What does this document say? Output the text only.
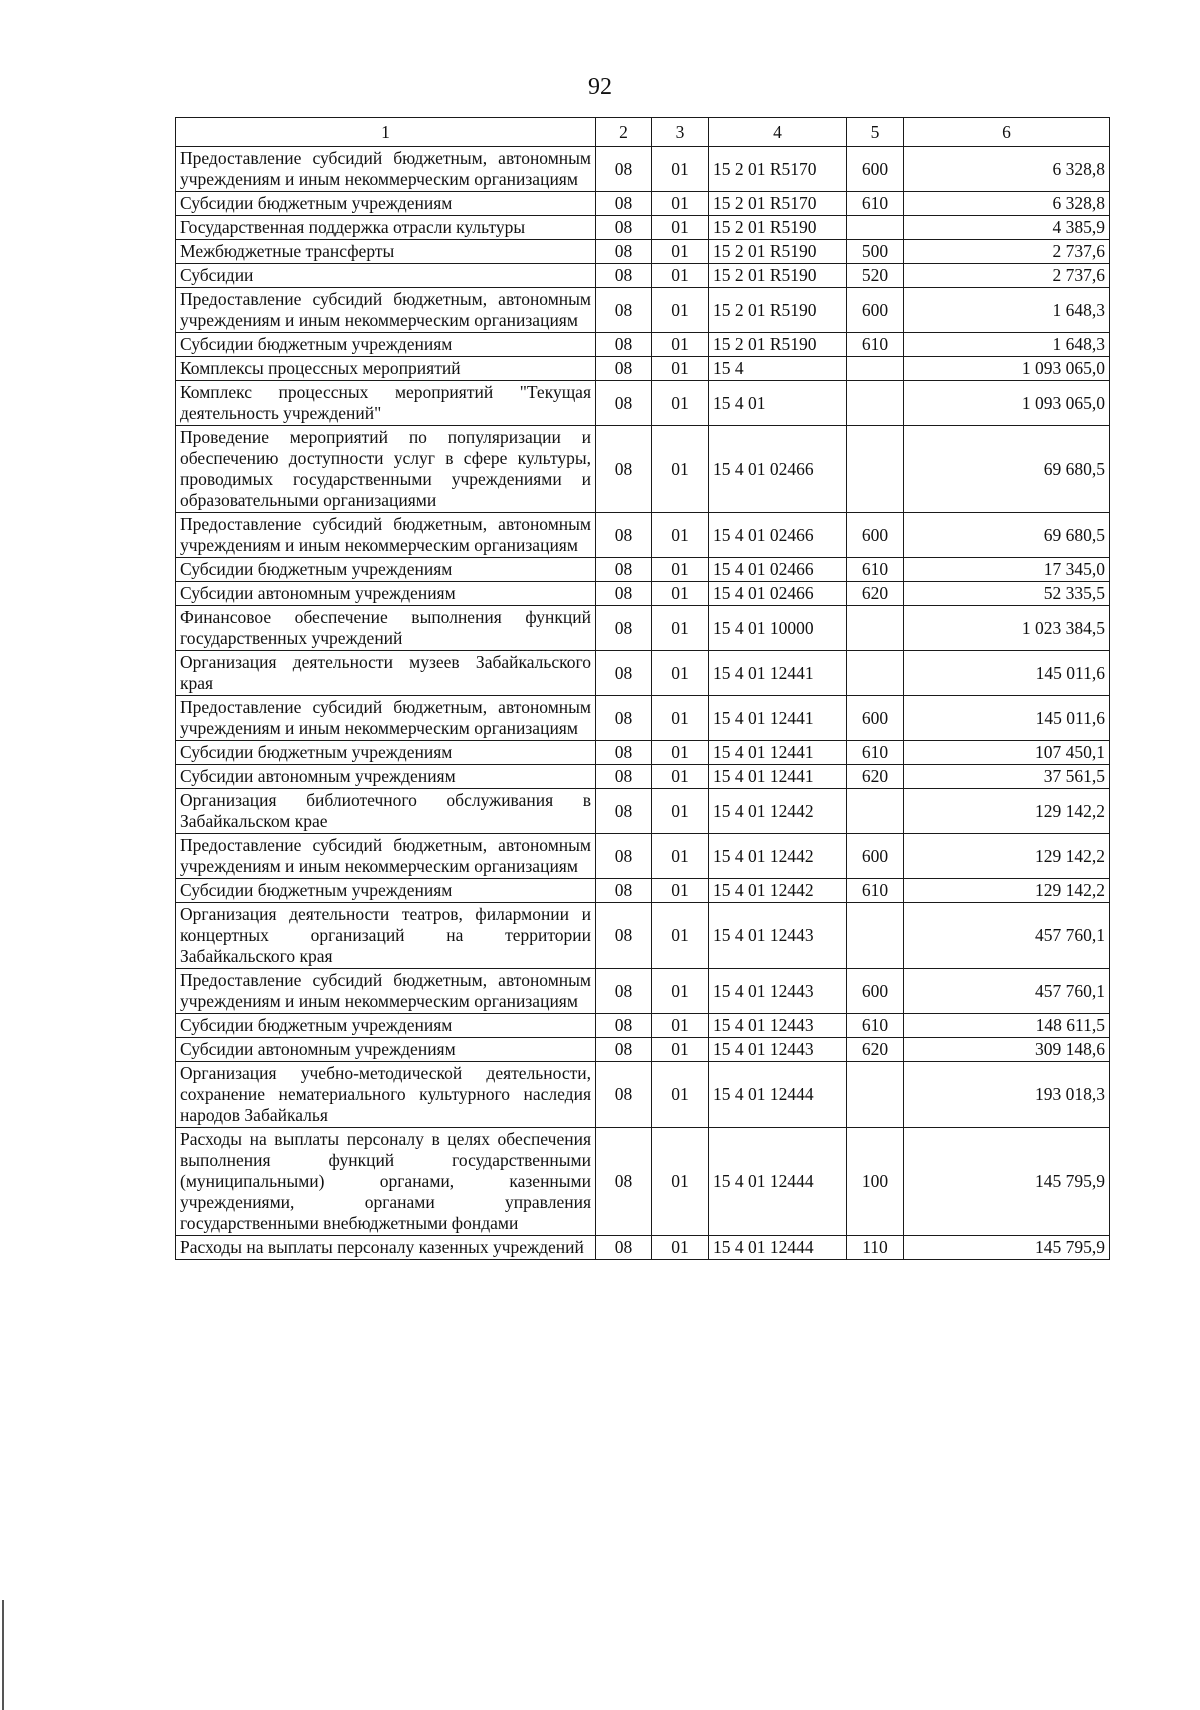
92
1	2	3	4	5	6
Предоставление субсидий бюджетным, автономным учреждениям и иным некоммерческим организациям	08	01	15 2 01 R5170	600	6 328,8
Субсидии бюджетным учреждениям	08	01	15 2 01 R5170	610	6 328,8
Государственная поддержка отрасли культуры	08	01	15 2 01 R5190		4 385,9
Межбюджетные трансферты	08	01	15 2 01 R5190	500	2 737,6
Субсидии	08	01	15 2 01 R5190	520	2 737,6
Предоставление субсидий бюджетным, автономным учреждениям и иным некоммерческим организациям	08	01	15 2 01 R5190	600	1 648,3
Субсидии бюджетным учреждениям	08	01	15 2 01 R5190	610	1 648,3
Комплексы процессных мероприятий	08	01	15 4		1 093 065,0
Комплекс процессных мероприятий "Текущая деятельность учреждений"	08	01	15 4 01		1 093 065,0
Проведение мероприятий по популяризации и обеспечению доступности услуг в сфере культуры, проводимых государственными учреждениями и образовательными организациями	08	01	15 4 01 02466		69 680,5
Предоставление субсидий бюджетным, автономным учреждениям и иным некоммерческим организациям	08	01	15 4 01 02466	600	69 680,5
Субсидии бюджетным учреждениям	08	01	15 4 01 02466	610	17 345,0
Субсидии автономным учреждениям	08	01	15 4 01 02466	620	52 335,5
Финансовое обеспечение выполнения функций государственных учреждений	08	01	15 4 01 10000		1 023 384,5
Организация деятельности музеев Забайкальского края	08	01	15 4 01 12441		145 011,6
Предоставление субсидий бюджетным, автономным учреждениям и иным некоммерческим организациям	08	01	15 4 01 12441	600	145 011,6
Субсидии бюджетным учреждениям	08	01	15 4 01 12441	610	107 450,1
Субсидии автономным учреждениям	08	01	15 4 01 12441	620	37 561,5
Организация библиотечного обслуживания в Забайкальском крае	08	01	15 4 01 12442		129 142,2
Предоставление субсидий бюджетным, автономным учреждениям и иным некоммерческим организациям	08	01	15 4 01 12442	600	129 142,2
Субсидии бюджетным учреждениям	08	01	15 4 01 12442	610	129 142,2
Организация деятельности театров, филармонии и концертных организаций на территории Забайкальского края	08	01	15 4 01 12443		457 760,1
Предоставление субсидий бюджетным, автономным учреждениям и иным некоммерческим организациям	08	01	15 4 01 12443	600	457 760,1
Субсидии бюджетным учреждениям	08	01	15 4 01 12443	610	148 611,5
Субсидии автономным учреждениям	08	01	15 4 01 12443	620	309 148,6
Организация учебно-методической деятельности, сохранение нематериального культурного наследия народов Забайкалья	08	01	15 4 01 12444		193 018,3
Расходы на выплаты персоналу в целях обеспечения выполнения функций государственными (муниципальными) органами, казенными учреждениями, органами управления государственными внебюджетными фондами	08	01	15 4 01 12444	100	145 795,9
Расходы на выплаты персоналу казенных учреждений	08	01	15 4 01 12444	110	145 795,9
